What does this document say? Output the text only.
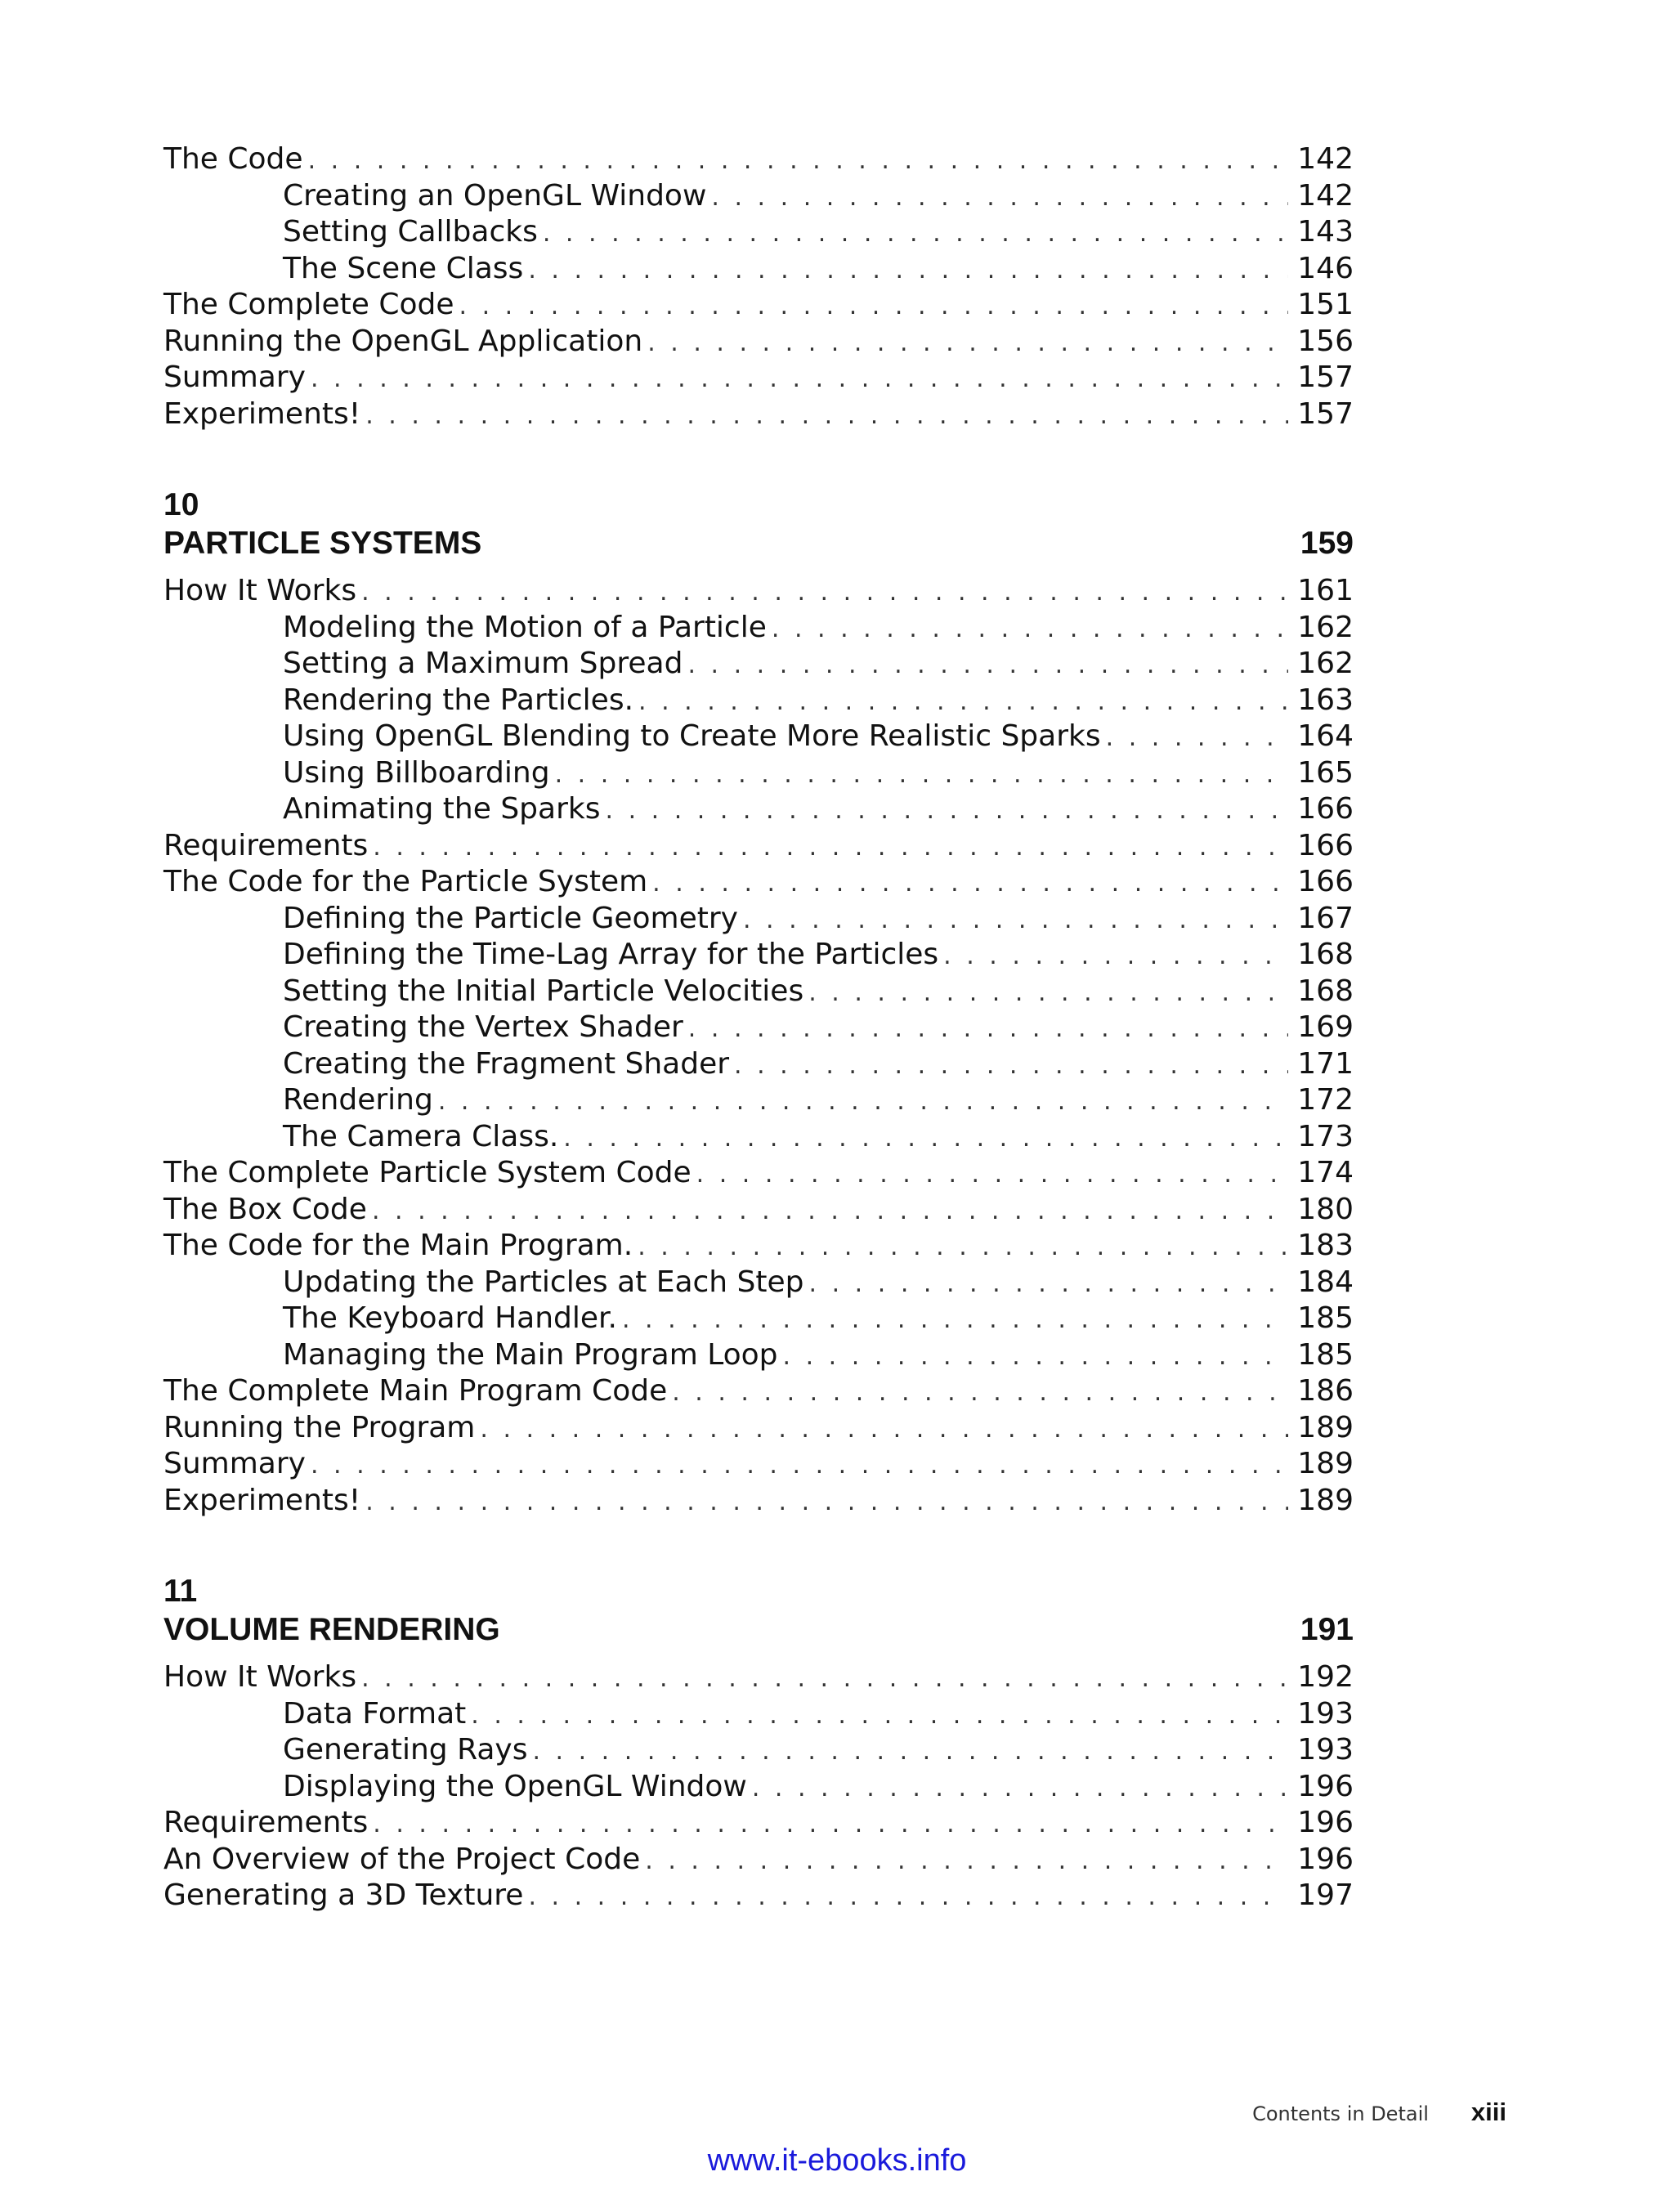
The Code . . .	142
Creating an OpenGL Window . . .	142
Setting Callbacks . . .	143
The Scene Class . . .	146
The Complete Code . . .	151
Running the OpenGL Application . . .	156
Summary . . .	157
Experiments! . . .	157
10
PARTICLE SYSTEMS	159
How It Works . . .	161
Modeling the Motion of a Particle . . .	162
Setting a Maximum Spread . . .	162
Rendering the Particles. . . .	163
Using OpenGL Blending to Create More Realistic Sparks . . .	164
Using Billboarding . . .	165
Animating the Sparks . . .	166
Requirements . . .	166
The Code for the Particle System . . .	166
Defining the Particle Geometry . . .	167
Defining the Time-Lag Array for the Particles . . .	168
Setting the Initial Particle Velocities . . .	168
Creating the Vertex Shader . . .	169
Creating the Fragment Shader . . .	171
Rendering . . .	172
The Camera Class. . . .	173
The Complete Particle System Code . . .	174
The Box Code . . .	180
The Code for the Main Program. . . .	183
Updating the Particles at Each Step . . .	184
The Keyboard Handler. . . .	185
Managing the Main Program Loop . . .	185
The Complete Main Program Code . . .	186
Running the Program . . .	189
Summary . . .	189
Experiments! . . .	189
11
VOLUME RENDERING	191
How It Works . . .	192
Data Format . . .	193
Generating Rays . . .	193
Displaying the OpenGL Window . . .	196
Requirements . . .	196
An Overview of the Project Code . . .	196
Generating a 3D Texture . . .	197
Contents in Detail xiii
www.it-ebooks.info
